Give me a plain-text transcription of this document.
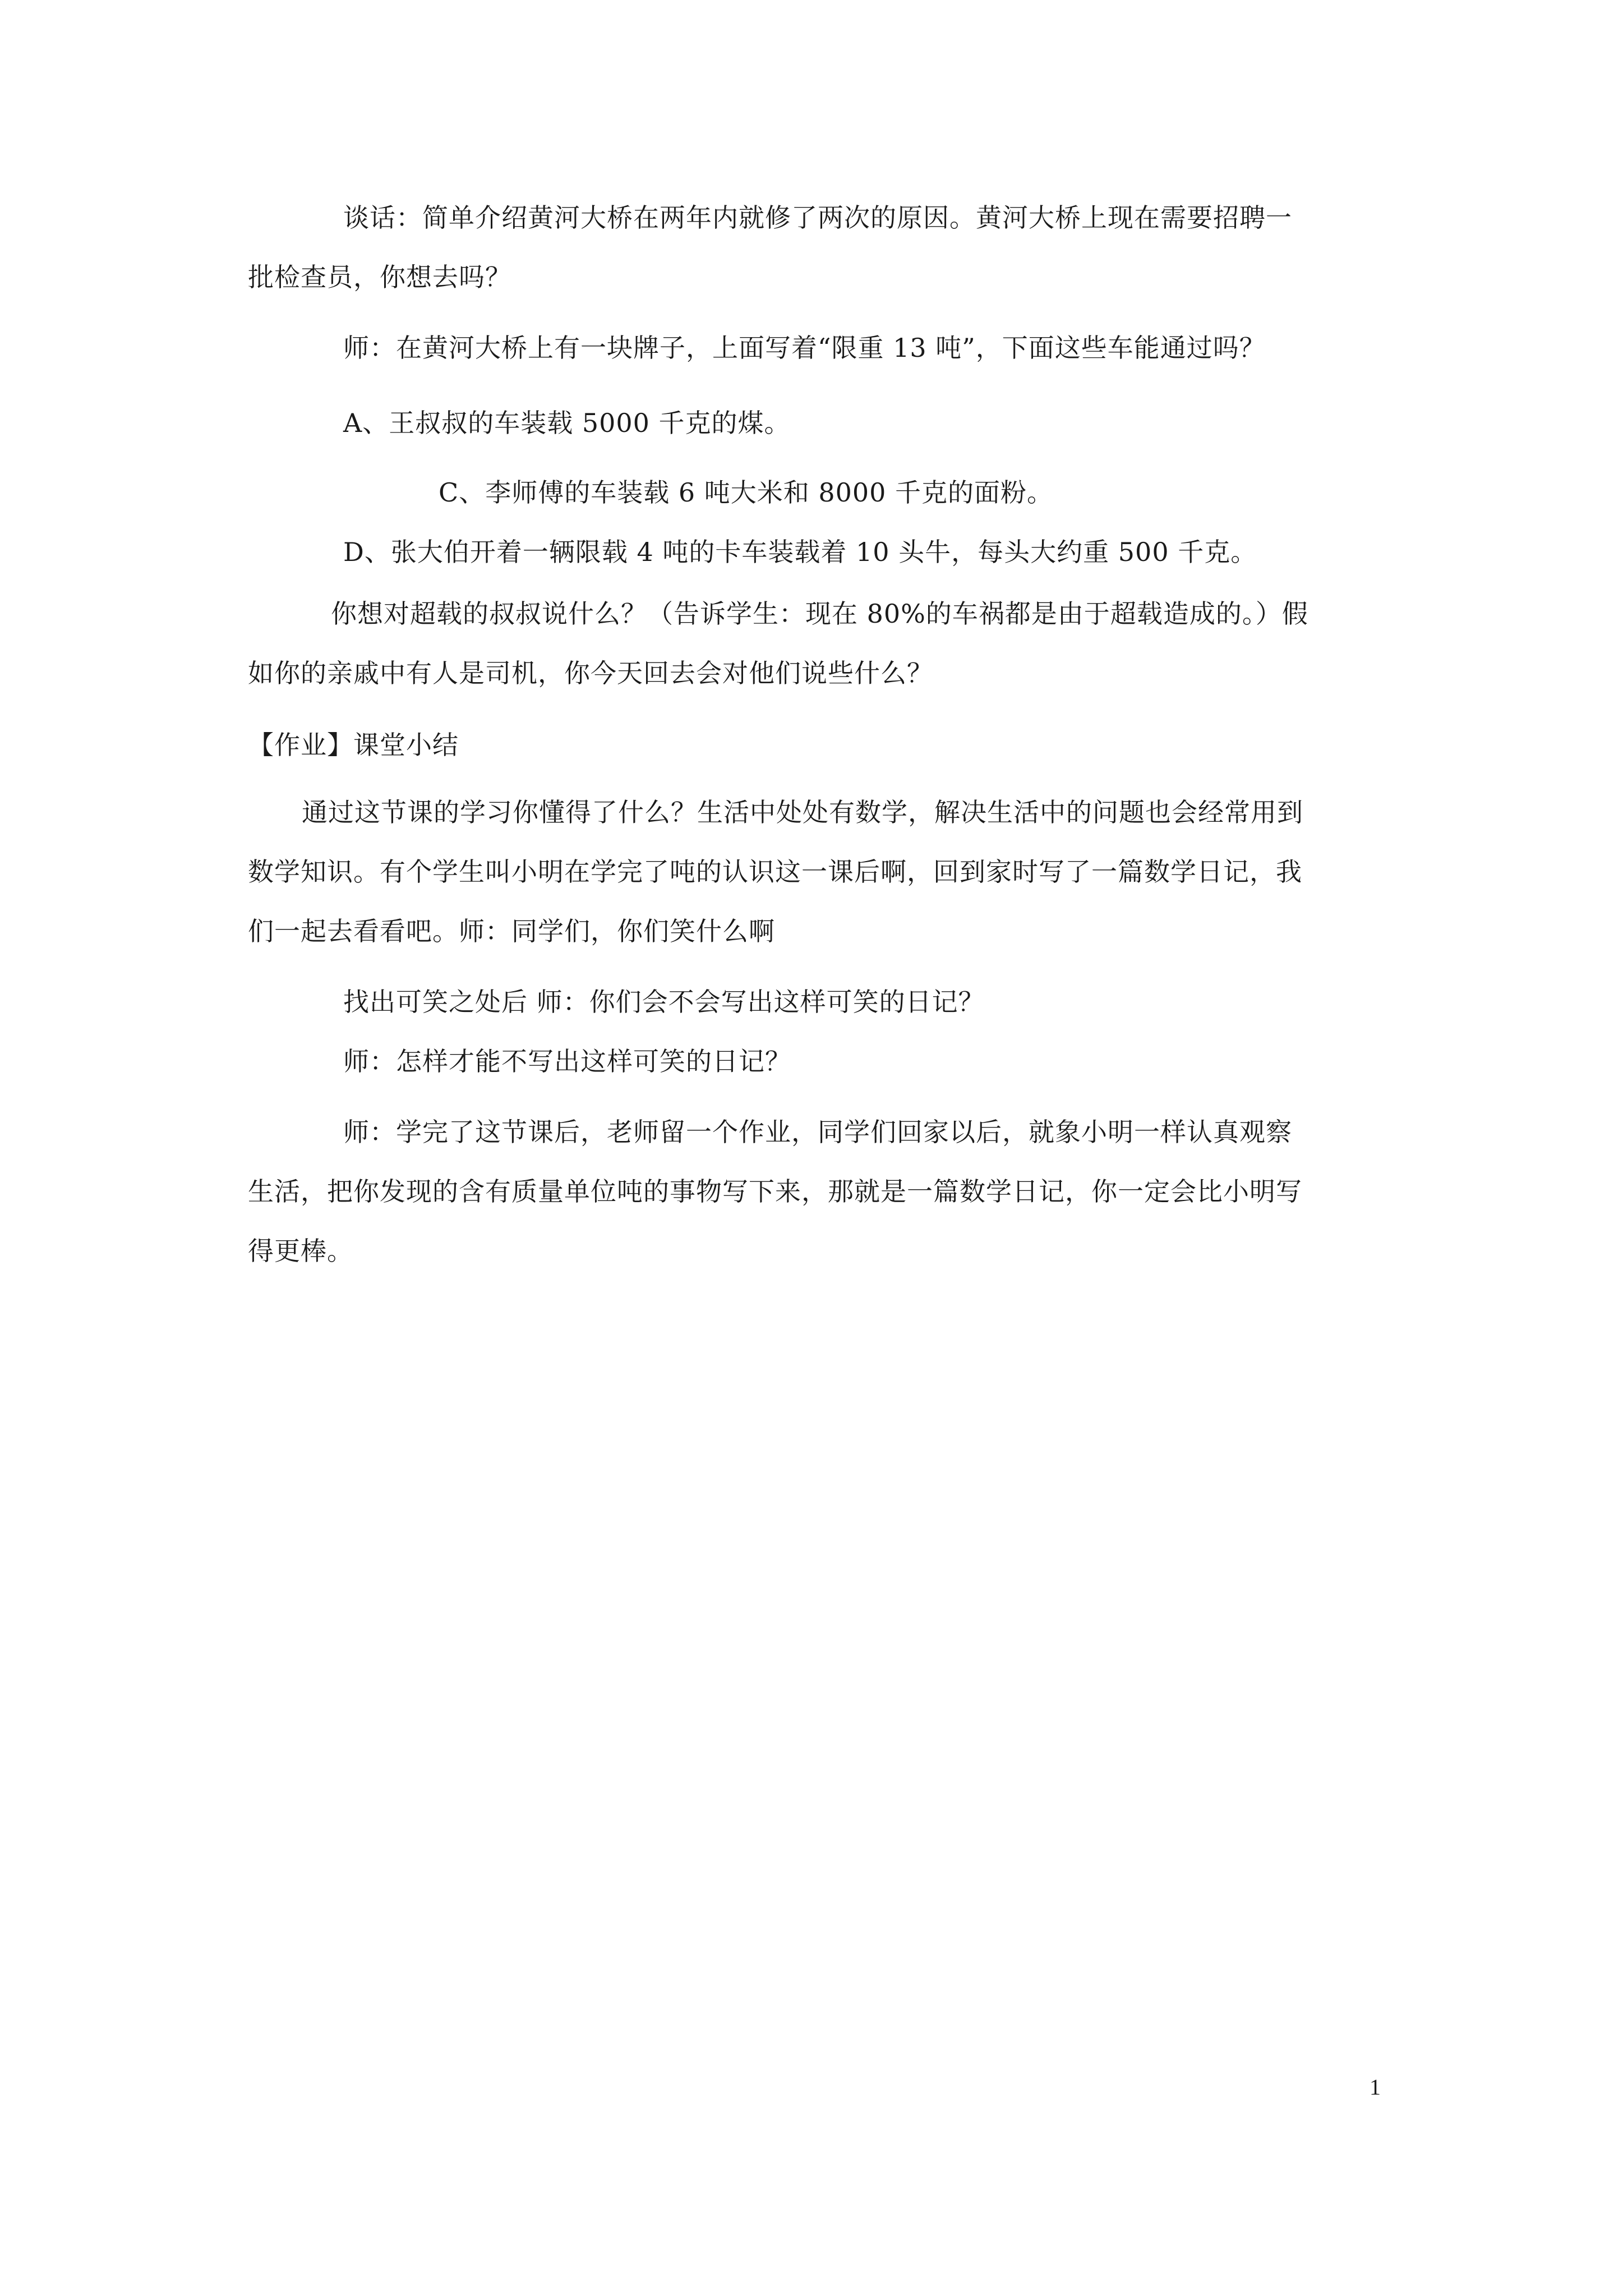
谈话：简单介绍黄河大桥在两年内就修了两次的原因。黄河大桥上现在需要招聘一
批检查员，你想去吗？
师：在黄河大桥上有一块牌子，上面写着“限重 13 吨”，下面这些车能通过吗？
A、王叔叔的车装载 5000 千克的煤。
C、李师傅的车装载 6 吨大米和 8000 千克的面粉。
D、张大伯开着一辆限载 4 吨的卡车装载着 10 头牛，每头大约重 500 千克。
你想对超载的叔叔说什么？（告诉学生：现在 80%的车祸都是由于超载造成的。）假
如你的亲戚中有人是司机，你今天回去会对他们说些什么？
【作业】课堂小结
通过这节课的学习你懂得了什么？生活中处处有数学，解决生活中的问题也会经常用到
数学知识。有个学生叫小明在学完了吨的认识这一课后啊，回到家时写了一篇数学日记，我
们一起去看看吧。师：同学们，你们笑什么啊
找出可笑之处后 师：你们会不会写出这样可笑的日记？
师：怎样才能不写出这样可笑的日记？
师：学完了这节课后，老师留一个作业，同学们回家以后，就象小明一样认真观察
生活，把你发现的含有质量单位吨的事物写下来，那就是一篇数学日记，你一定会比小明写
得更棒。
1
